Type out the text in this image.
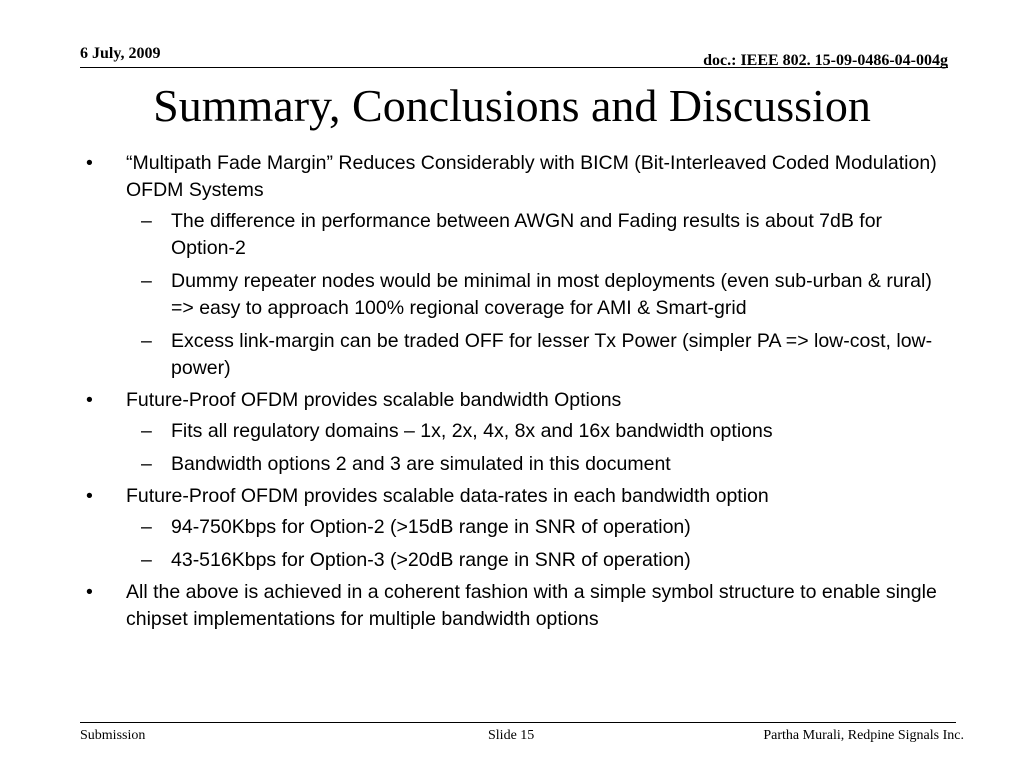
6 July, 2009	doc.: IEEE 802. 15-09-0486-04-004g
Summary, Conclusions and Discussion
• “Multipath Fade Margin” Reduces Considerably with BICM (Bit-Interleaved Coded Modulation) OFDM Systems
– The difference in performance between AWGN and Fading results is about 7dB for Option-2
– Dummy repeater nodes would be minimal in most deployments (even sub-urban & rural) => easy to approach 100% regional coverage for AMI & Smart-grid
– Excess link-margin can be traded OFF for lesser Tx Power (simpler PA => low-cost, low-power)
• Future-Proof OFDM provides scalable bandwidth Options
– Fits all regulatory domains – 1x, 2x, 4x, 8x and 16x bandwidth options
– Bandwidth options 2 and 3 are simulated in this document
• Future-Proof OFDM provides scalable data-rates in each bandwidth option
– 94-750Kbps for Option-2 (>15dB range in SNR of operation)
– 43-516Kbps for Option-3 (>20dB range in SNR of operation)
• All the above is achieved in a coherent fashion with a simple symbol structure to enable single chipset implementations for multiple bandwidth options
Submission	Slide 15	Partha Murali, Redpine Signals Inc.
